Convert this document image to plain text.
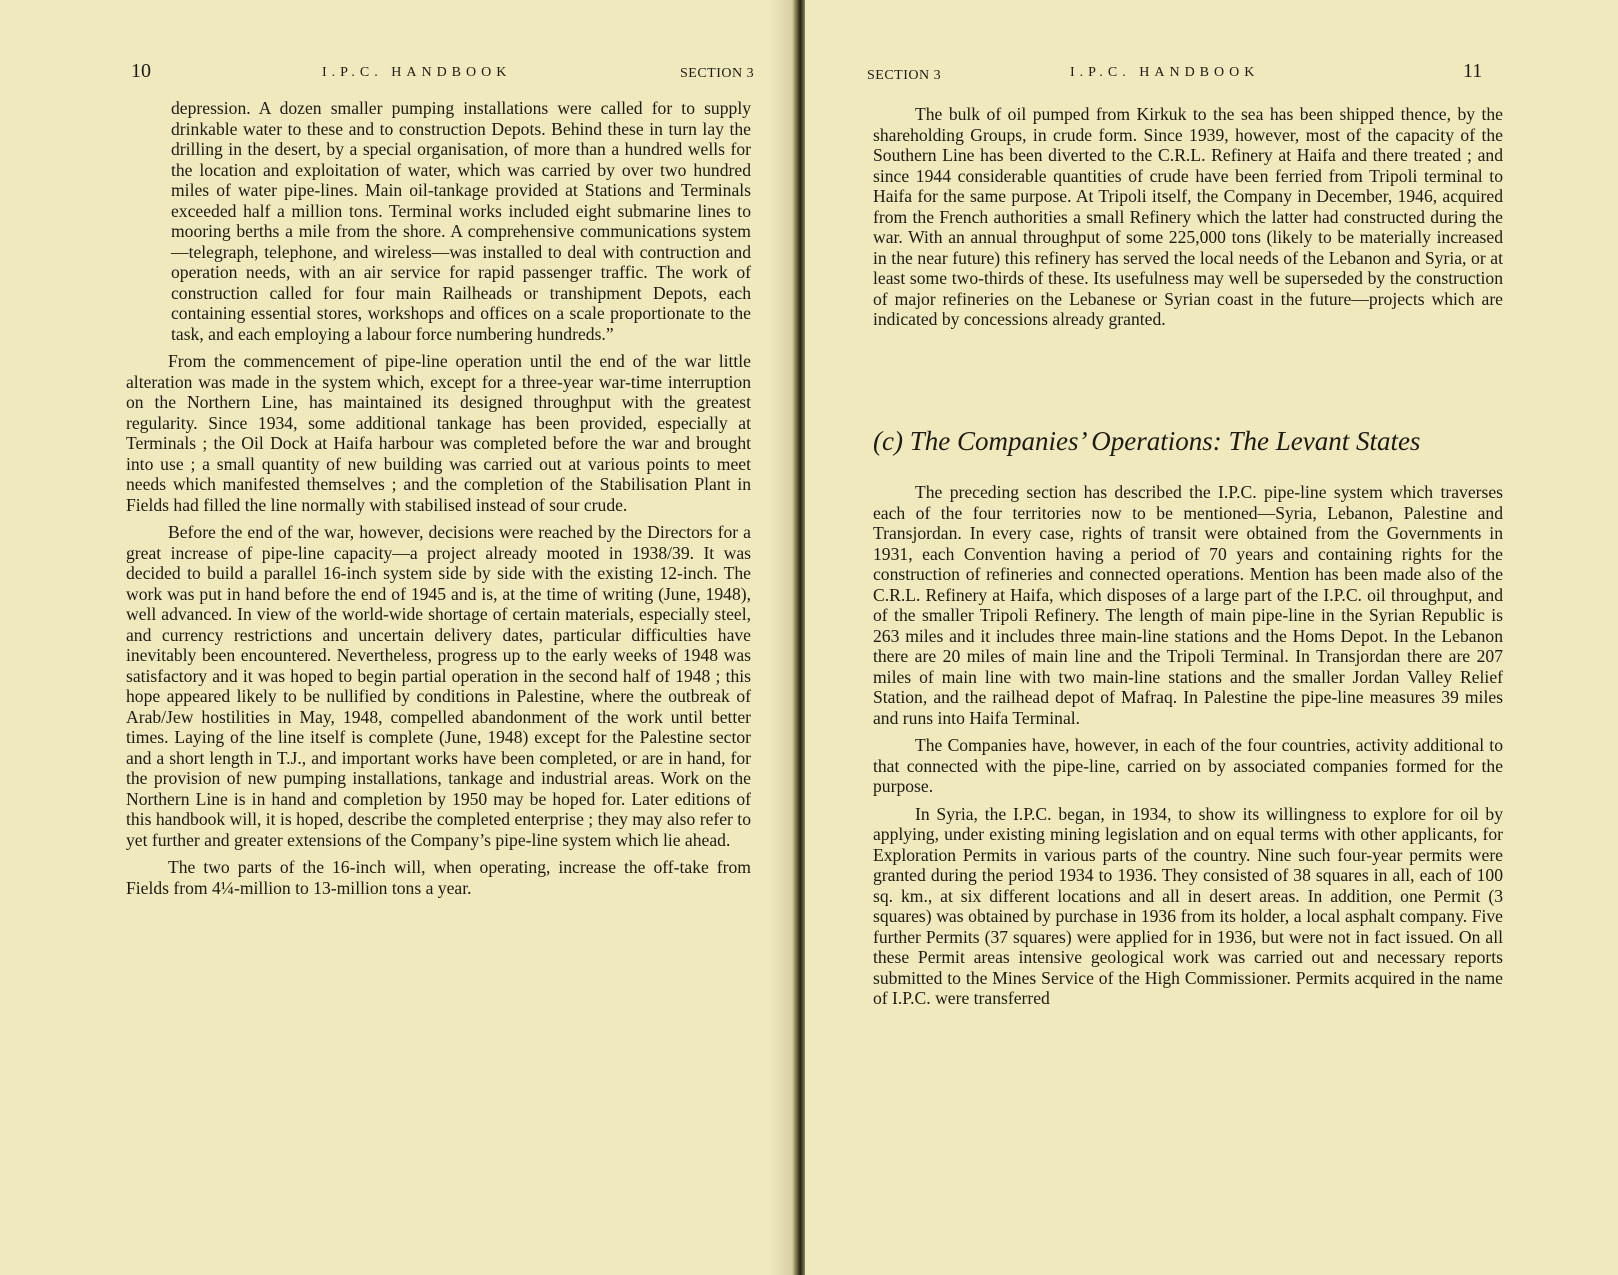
10	I.P.C. HANDBOOK	SECTION 3

depression. A dozen smaller pumping installations were called for to supply drinkable water to these and to construction Depots. Behind these in turn lay the drilling in the desert, by a special organisation, of more than a hundred wells for the location and exploitation of water, which was carried by over two hundred miles of water pipe-lines. Main oil-tankage provided at Stations and Terminals exceeded half a million tons. Terminal works included eight submarine lines to mooring berths a mile from the shore. A comprehensive communications system—telegraph, telephone, and wireless—was installed to deal with contruction and operation needs, with an air service for rapid passenger traffic. The work of construction called for four main Railheads or transhipment Depots, each containing essential stores, workshops and offices on a scale proportionate to the task, and each employing a labour force numbering hundreds.”

From the commencement of pipe-line operation until the end of the war little alteration was made in the system which, except for a three-year war-time interruption on the Northern Line, has maintained its designed throughput with the greatest regularity. Since 1934, some additional tankage has been provided, especially at Terminals ; the Oil Dock at Haifa harbour was completed before the war and brought into use ; a small quantity of new building was carried out at various points to meet needs which manifested themselves ; and the completion of the Stabilisation Plant in Fields had filled the line normally with stabilised instead of sour crude.

Before the end of the war, however, decisions were reached by the Directors for a great increase of pipe-line capacity—a project already mooted in 1938/39. It was decided to build a parallel 16-inch system side by side with the existing 12-inch. The work was put in hand before the end of 1945 and is, at the time of writing (June, 1948), well advanced. In view of the world-wide shortage of certain materials, especially steel, and currency restrictions and uncertain delivery dates, particular difficulties have inevitably been encountered. Nevertheless, progress up to the early weeks of 1948 was satisfactory and it was hoped to begin partial operation in the second half of 1948 ; this hope appeared likely to be nullified by conditions in Palestine, where the outbreak of Arab/Jew hostilities in May, 1948, compelled abandonment of the work until better times. Laying of the line itself is complete (June, 1948) except for the Palestine sector and a short length in T.J., and important works have been completed, or are in hand, for the provision of new pumping installations, tankage and industrial areas. Work on the Northern Line is in hand and completion by 1950 may be hoped for. Later editions of this handbook will, it is hoped, describe the completed enterprise ; they may also refer to yet further and greater extensions of the Company’s pipe-line system which lie ahead.

The two parts of the 16-inch will, when operating, increase the off-take from Fields from 4¼-million to 13-million tons a year.

SECTION 3	I.P.C. HANDBOOK	11

The bulk of oil pumped from Kirkuk to the sea has been shipped thence, by the shareholding Groups, in crude form. Since 1939, however, most of the capacity of the Southern Line has been diverted to the C.R.L. Refinery at Haifa and there treated ; and since 1944 considerable quantities of crude have been ferried from Tripoli terminal to Haifa for the same purpose. At Tripoli itself, the Company in December, 1946, acquired from the French authorities a small Refinery which the latter had constructed during the war. With an annual throughput of some 225,000 tons (likely to be materially increased in the near future) this refinery has served the local needs of the Lebanon and Syria, or at least some two-thirds of these. Its usefulness may well be superseded by the construction of major refineries on the Lebanese or Syrian coast in the future—projects which are indicated by concessions already granted.

(c) The Companies’ Operations: The Levant States

The preceding section has described the I.P.C. pipe-line system which traverses each of the four territories now to be mentioned—Syria, Lebanon, Palestine and Transjordan. In every case, rights of transit were obtained from the Governments in 1931, each Convention having a period of 70 years and containing rights for the construction of refineries and connected operations. Mention has been made also of the C.R.L. Refinery at Haifa, which disposes of a large part of the I.P.C. oil throughput, and of the smaller Tripoli Refinery. The length of main pipe-line in the Syrian Republic is 263 miles and it includes three main-line stations and the Homs Depot. In the Lebanon there are 20 miles of main line and the Tripoli Terminal. In Transjordan there are 207 miles of main line with two main-line stations and the smaller Jordan Valley Relief Station, and the railhead depot of Mafraq. In Palestine the pipe-line measures 39 miles and runs into Haifa Terminal.

The Companies have, however, in each of the four countries, activity additional to that connected with the pipe-line, carried on by associated companies formed for the purpose.

In Syria, the I.P.C. began, in 1934, to show its willingness to explore for oil by applying, under existing mining legislation and on equal terms with other applicants, for Exploration Permits in various parts of the country. Nine such four-year permits were granted during the period 1934 to 1936. They consisted of 38 squares in all, each of 100 sq. km., at six different locations and all in desert areas. In addition, one Permit (3 squares) was obtained by purchase in 1936 from its holder, a local asphalt company. Five further Permits (37 squares) were applied for in 1936, but were not in fact issued. On all these Permit areas intensive geological work was carried out and necessary reports submitted to the Mines Service of the High Commissioner. Permits acquired in the name of I.P.C. were transferred
